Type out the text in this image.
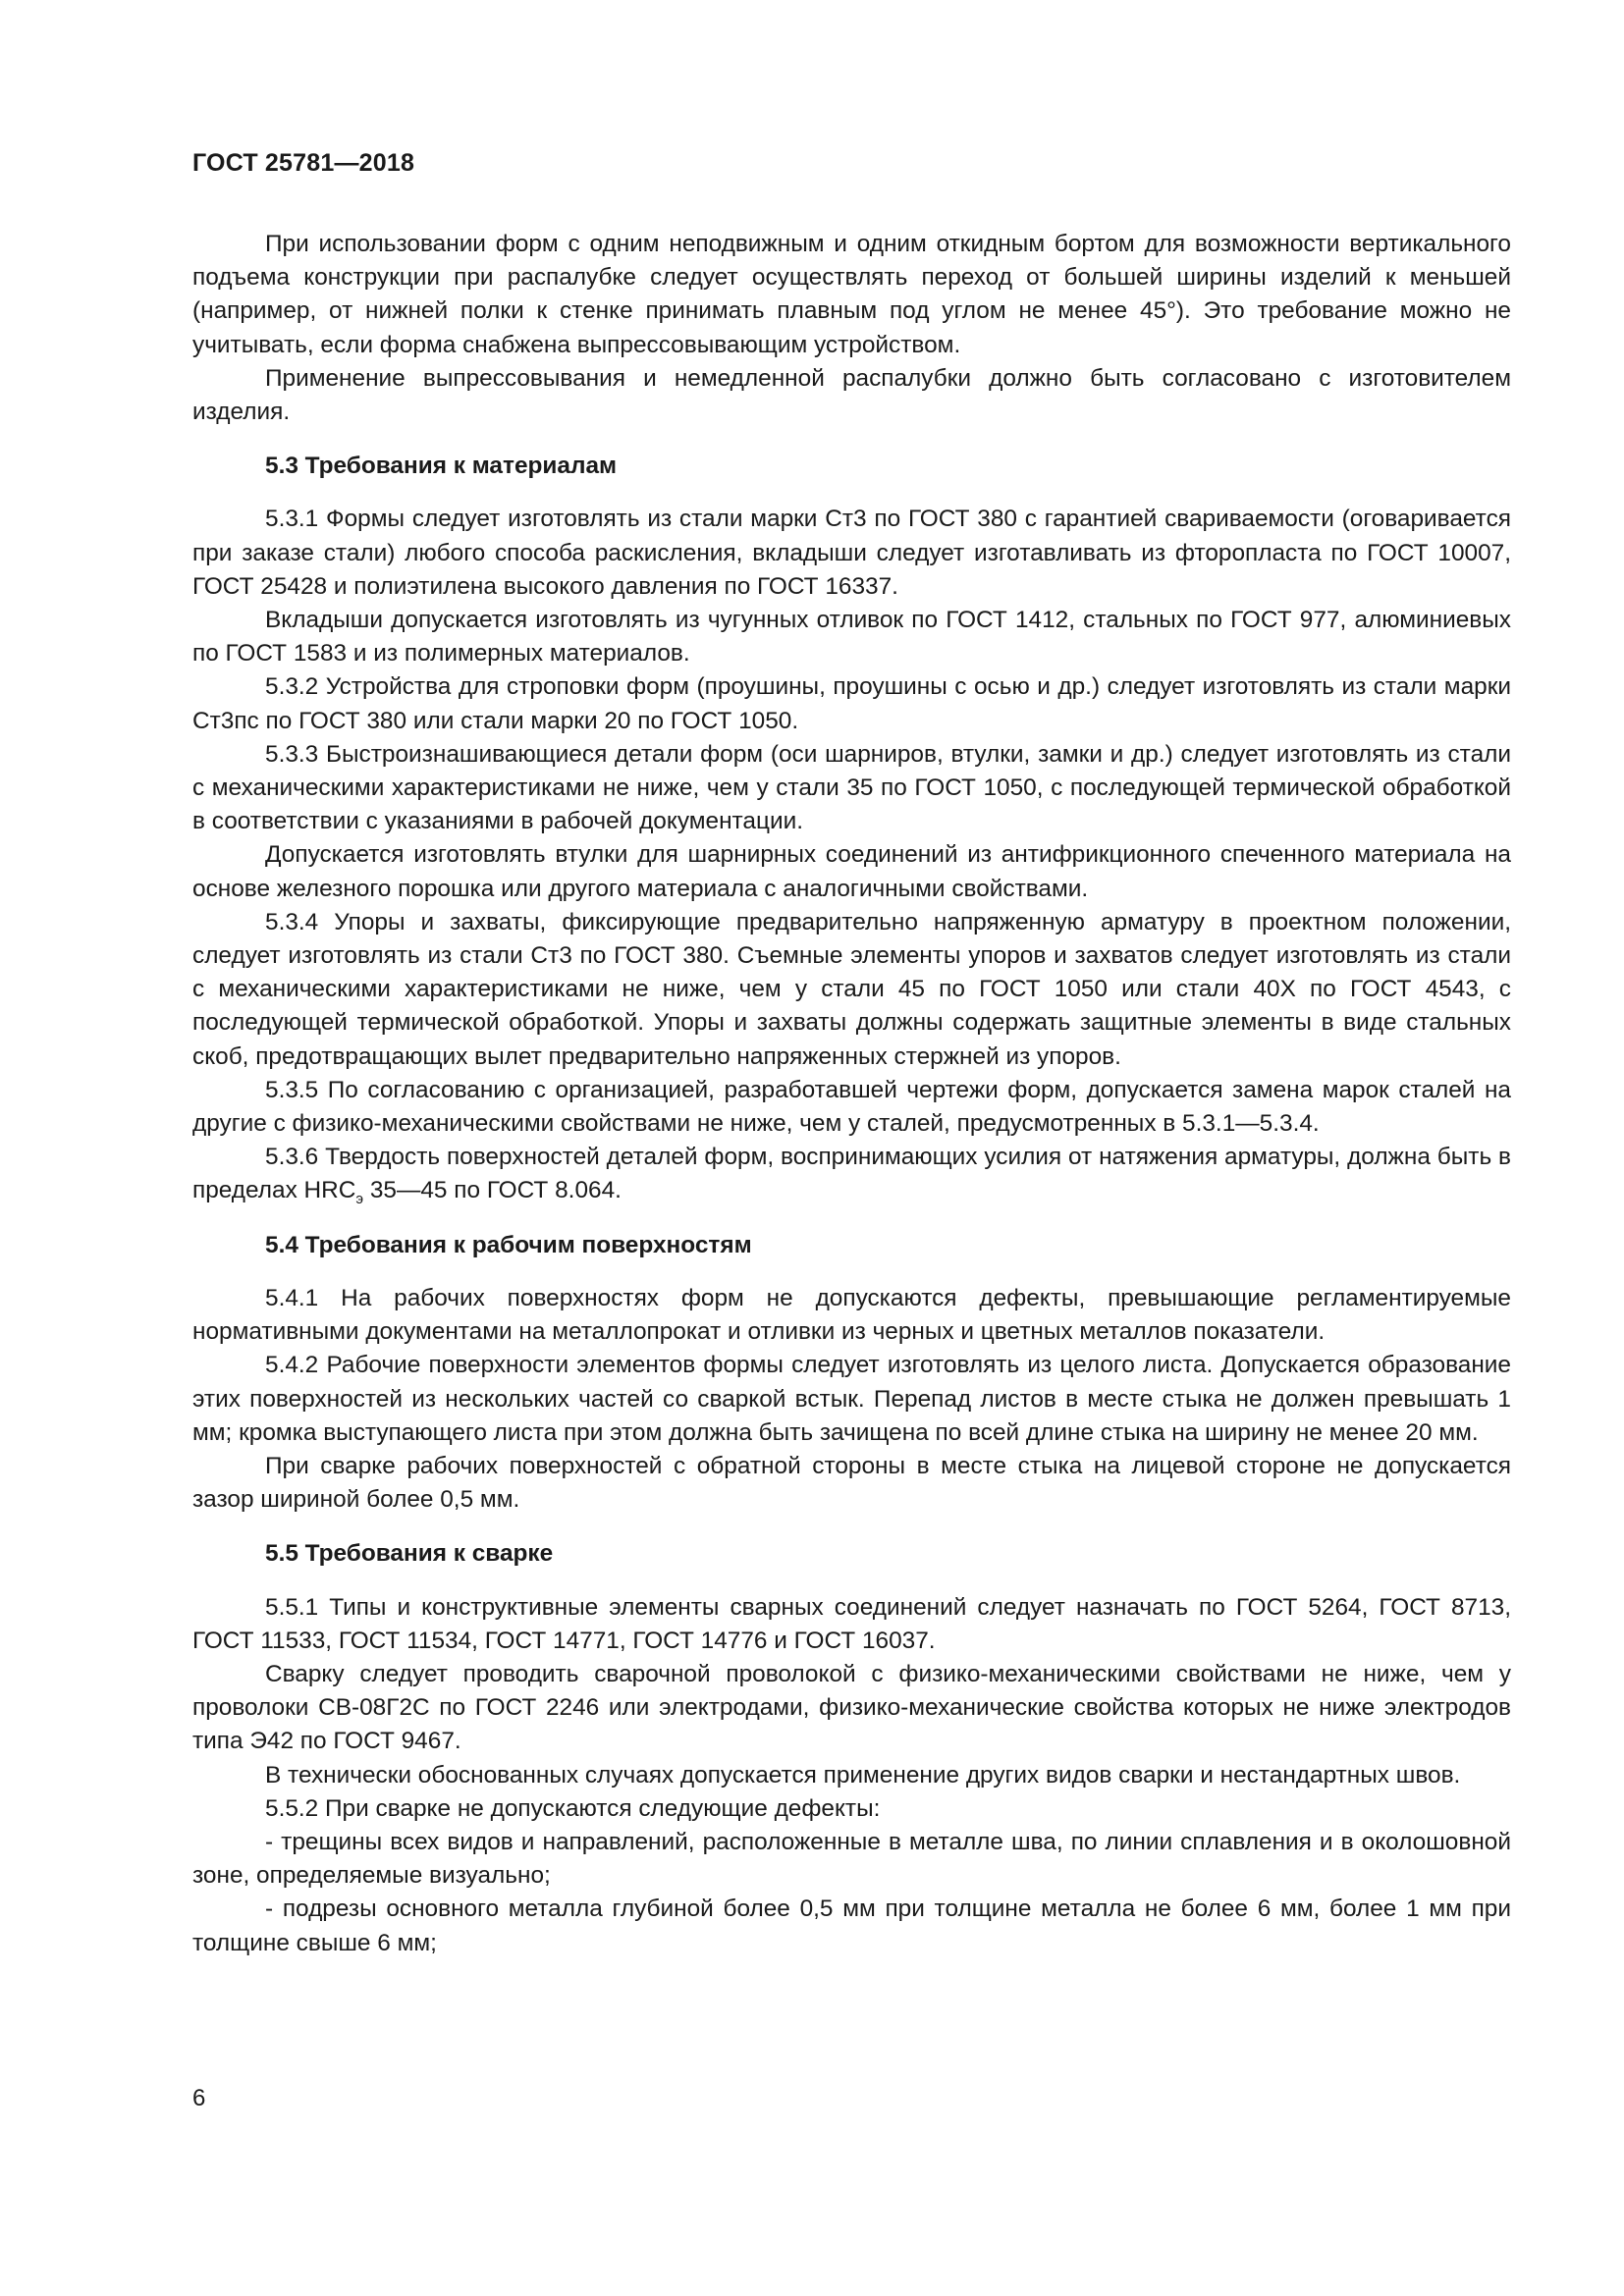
ГОСТ 25781—2018

При использовании форм с одним неподвижным и одним откидным бортом для возможности вертикального подъема конструкции при распалубке следует осуществлять переход от большей ширины изделий к меньшей (например, от нижней полки к стенке принимать плавным под углом не менее 45°). Это требование можно не учитывать, если форма снабжена выпрессовывающим устройством.

Применение выпрессовывания и немедленной распалубки должно быть согласовано с изготовителем изделия.

5.3 Требования к материалам

5.3.1 Формы следует изготовлять из стали марки Ст3 по ГОСТ 380 с гарантией свариваемости (оговаривается при заказе стали) любого способа раскисления, вкладыши следует изготавливать из фторопласта по ГОСТ 10007, ГОСТ 25428 и полиэтилена высокого давления по ГОСТ 16337.

Вкладыши допускается изготовлять из чугунных отливок по ГОСТ 1412, стальных по ГОСТ 977, алюминиевых по ГОСТ 1583 и из полимерных материалов.

5.3.2 Устройства для строповки форм (проушины, проушины с осью и др.) следует изготовлять из стали марки Ст3пс по ГОСТ 380 или стали марки 20 по ГОСТ 1050.

5.3.3 Быстроизнашивающиеся детали форм (оси шарниров, втулки, замки и др.) следует изготовлять из стали с механическими характеристиками не ниже, чем у стали 35 по ГОСТ 1050, с последующей термической обработкой в соответствии с указаниями в рабочей документации.

Допускается изготовлять втулки для шарнирных соединений из антифрикционного спеченного материала на основе железного порошка или другого материала с аналогичными свойствами.

5.3.4 Упоры и захваты, фиксирующие предварительно напряженную арматуру в проектном положении, следует изготовлять из стали Ст3 по ГОСТ 380. Съемные элементы упоров и захватов следует изготовлять из стали с механическими характеристиками не ниже, чем у стали 45 по ГОСТ 1050 или стали 40Х по ГОСТ 4543, с последующей термической обработкой. Упоры и захваты должны содержать защитные элементы в виде стальных скоб, предотвращающих вылет предварительно напряженных стержней из упоров.

5.3.5 По согласованию с организацией, разработавшей чертежи форм, допускается замена марок сталей на другие с физико-механическими свойствами не ниже, чем у сталей, предусмотренных в 5.3.1—5.3.4.

5.3.6 Твердость поверхностей деталей форм, воспринимающих усилия от натяжения арматуры, должна быть в пределах $HRC_э$ 35—45 по ГОСТ 8.064.

5.4 Требования к рабочим поверхностям

5.4.1 На рабочих поверхностях форм не допускаются дефекты, превышающие регламентируемые нормативными документами на металлопрокат и отливки из черных и цветных металлов показатели.

5.4.2 Рабочие поверхности элементов формы следует изготовлять из целого листа. Допускается образование этих поверхностей из нескольких частей со сваркой встык. Перепад листов в месте стыка не должен превышать 1 мм; кромка выступающего листа при этом должна быть зачищена по всей длине стыка на ширину не менее 20 мм.

При сварке рабочих поверхностей с обратной стороны в месте стыка на лицевой стороне не допускается зазор шириной более 0,5 мм.

5.5 Требования к сварке

5.5.1 Типы и конструктивные элементы сварных соединений следует назначать по ГОСТ 5264, ГОСТ 8713, ГОСТ 11533, ГОСТ 11534, ГОСТ 14771, ГОСТ 14776 и ГОСТ 16037.

Сварку следует проводить сварочной проволокой с физико-механическими свойствами не ниже, чем у проволоки СВ-08Г2С по ГОСТ 2246 или электродами, физико-механические свойства которых не ниже электродов типа Э42 по ГОСТ 9467.

В технически обоснованных случаях допускается применение других видов сварки и нестандартных швов.

5.5.2 При сварке не допускаются следующие дефекты:

- трещины всех видов и направлений, расположенные в металле шва, по линии сплавления и в околошовной зоне, определяемые визуально;

- подрезы основного металла глубиной более 0,5 мм при толщине металла не более 6 мм, более 1 мм при толщине свыше 6 мм;

6
